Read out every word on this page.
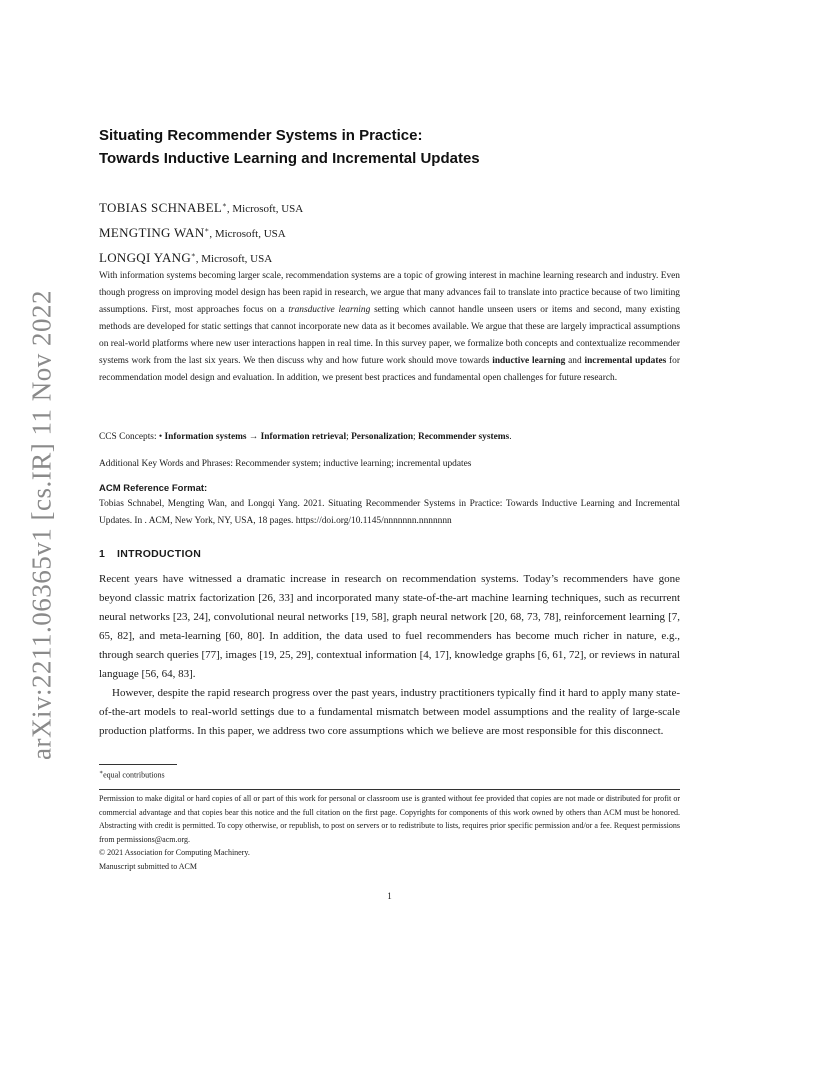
arXiv:2211.06365v1 [cs.IR] 11 Nov 2022
Situating Recommender Systems in Practice:
Towards Inductive Learning and Incremental Updates
TOBIAS SCHNABEL∗, Microsoft, USA
MENGTING WAN∗, Microsoft, USA
LONGQI YANG∗, Microsoft, USA
With information systems becoming larger scale, recommendation systems are a topic of growing interest in machine learning research and industry. Even though progress on improving model design has been rapid in research, we argue that many advances fail to translate into practice because of two limiting assumptions. First, most approaches focus on a transductive learning setting which cannot handle unseen users or items and second, many existing methods are developed for static settings that cannot incorporate new data as it becomes available. We argue that these are largely impractical assumptions on real-world platforms where new user interactions happen in real time. In this survey paper, we formalize both concepts and contextualize recommender systems work from the last six years. We then discuss why and how future work should move towards inductive learning and incremental updates for recommendation model design and evaluation. In addition, we present best practices and fundamental open challenges for future research.
CCS Concepts: • Information systems → Information retrieval; Personalization; Recommender systems.
Additional Key Words and Phrases: Recommender system; inductive learning; incremental updates
ACM Reference Format:
Tobias Schnabel, Mengting Wan, and Longqi Yang. 2021. Situating Recommender Systems in Practice: Towards Inductive Learning and Incremental Updates. In . ACM, New York, NY, USA, 18 pages. https://doi.org/10.1145/nnnnnnn.nnnnnnn
1 INTRODUCTION
Recent years have witnessed a dramatic increase in research on recommendation systems. Today’s recommenders have gone beyond classic matrix factorization [26, 33] and incorporated many state-of-the-art machine learning techniques, such as recurrent neural networks [23, 24], convolutional neural networks [19, 58], graph neural network [20, 68, 73, 78], reinforcement learning [7, 65, 82], and meta-learning [60, 80]. In addition, the data used to fuel recommenders has become much richer in nature, e.g., through search queries [77], images [19, 25, 29], contextual information [4, 17], knowledge graphs [6, 61, 72], or reviews in natural language [56, 64, 83].
However, despite the rapid research progress over the past years, industry practitioners typically find it hard to apply many state-of-the-art models to real-world settings due to a fundamental mismatch between model assumptions and the reality of large-scale production platforms. In this paper, we address two core assumptions which we believe are most responsible for this disconnect.
∗equal contributions
Permission to make digital or hard copies of all or part of this work for personal or classroom use is granted without fee provided that copies are not made or distributed for profit or commercial advantage and that copies bear this notice and the full citation on the first page. Copyrights for components of this work owned by others than ACM must be honored. Abstracting with credit is permitted. To copy otherwise, or republish, to post on servers or to redistribute to lists, requires prior specific permission and/or a fee. Request permissions from permissions@acm.org.
© 2021 Association for Computing Machinery.
Manuscript submitted to ACM
1
